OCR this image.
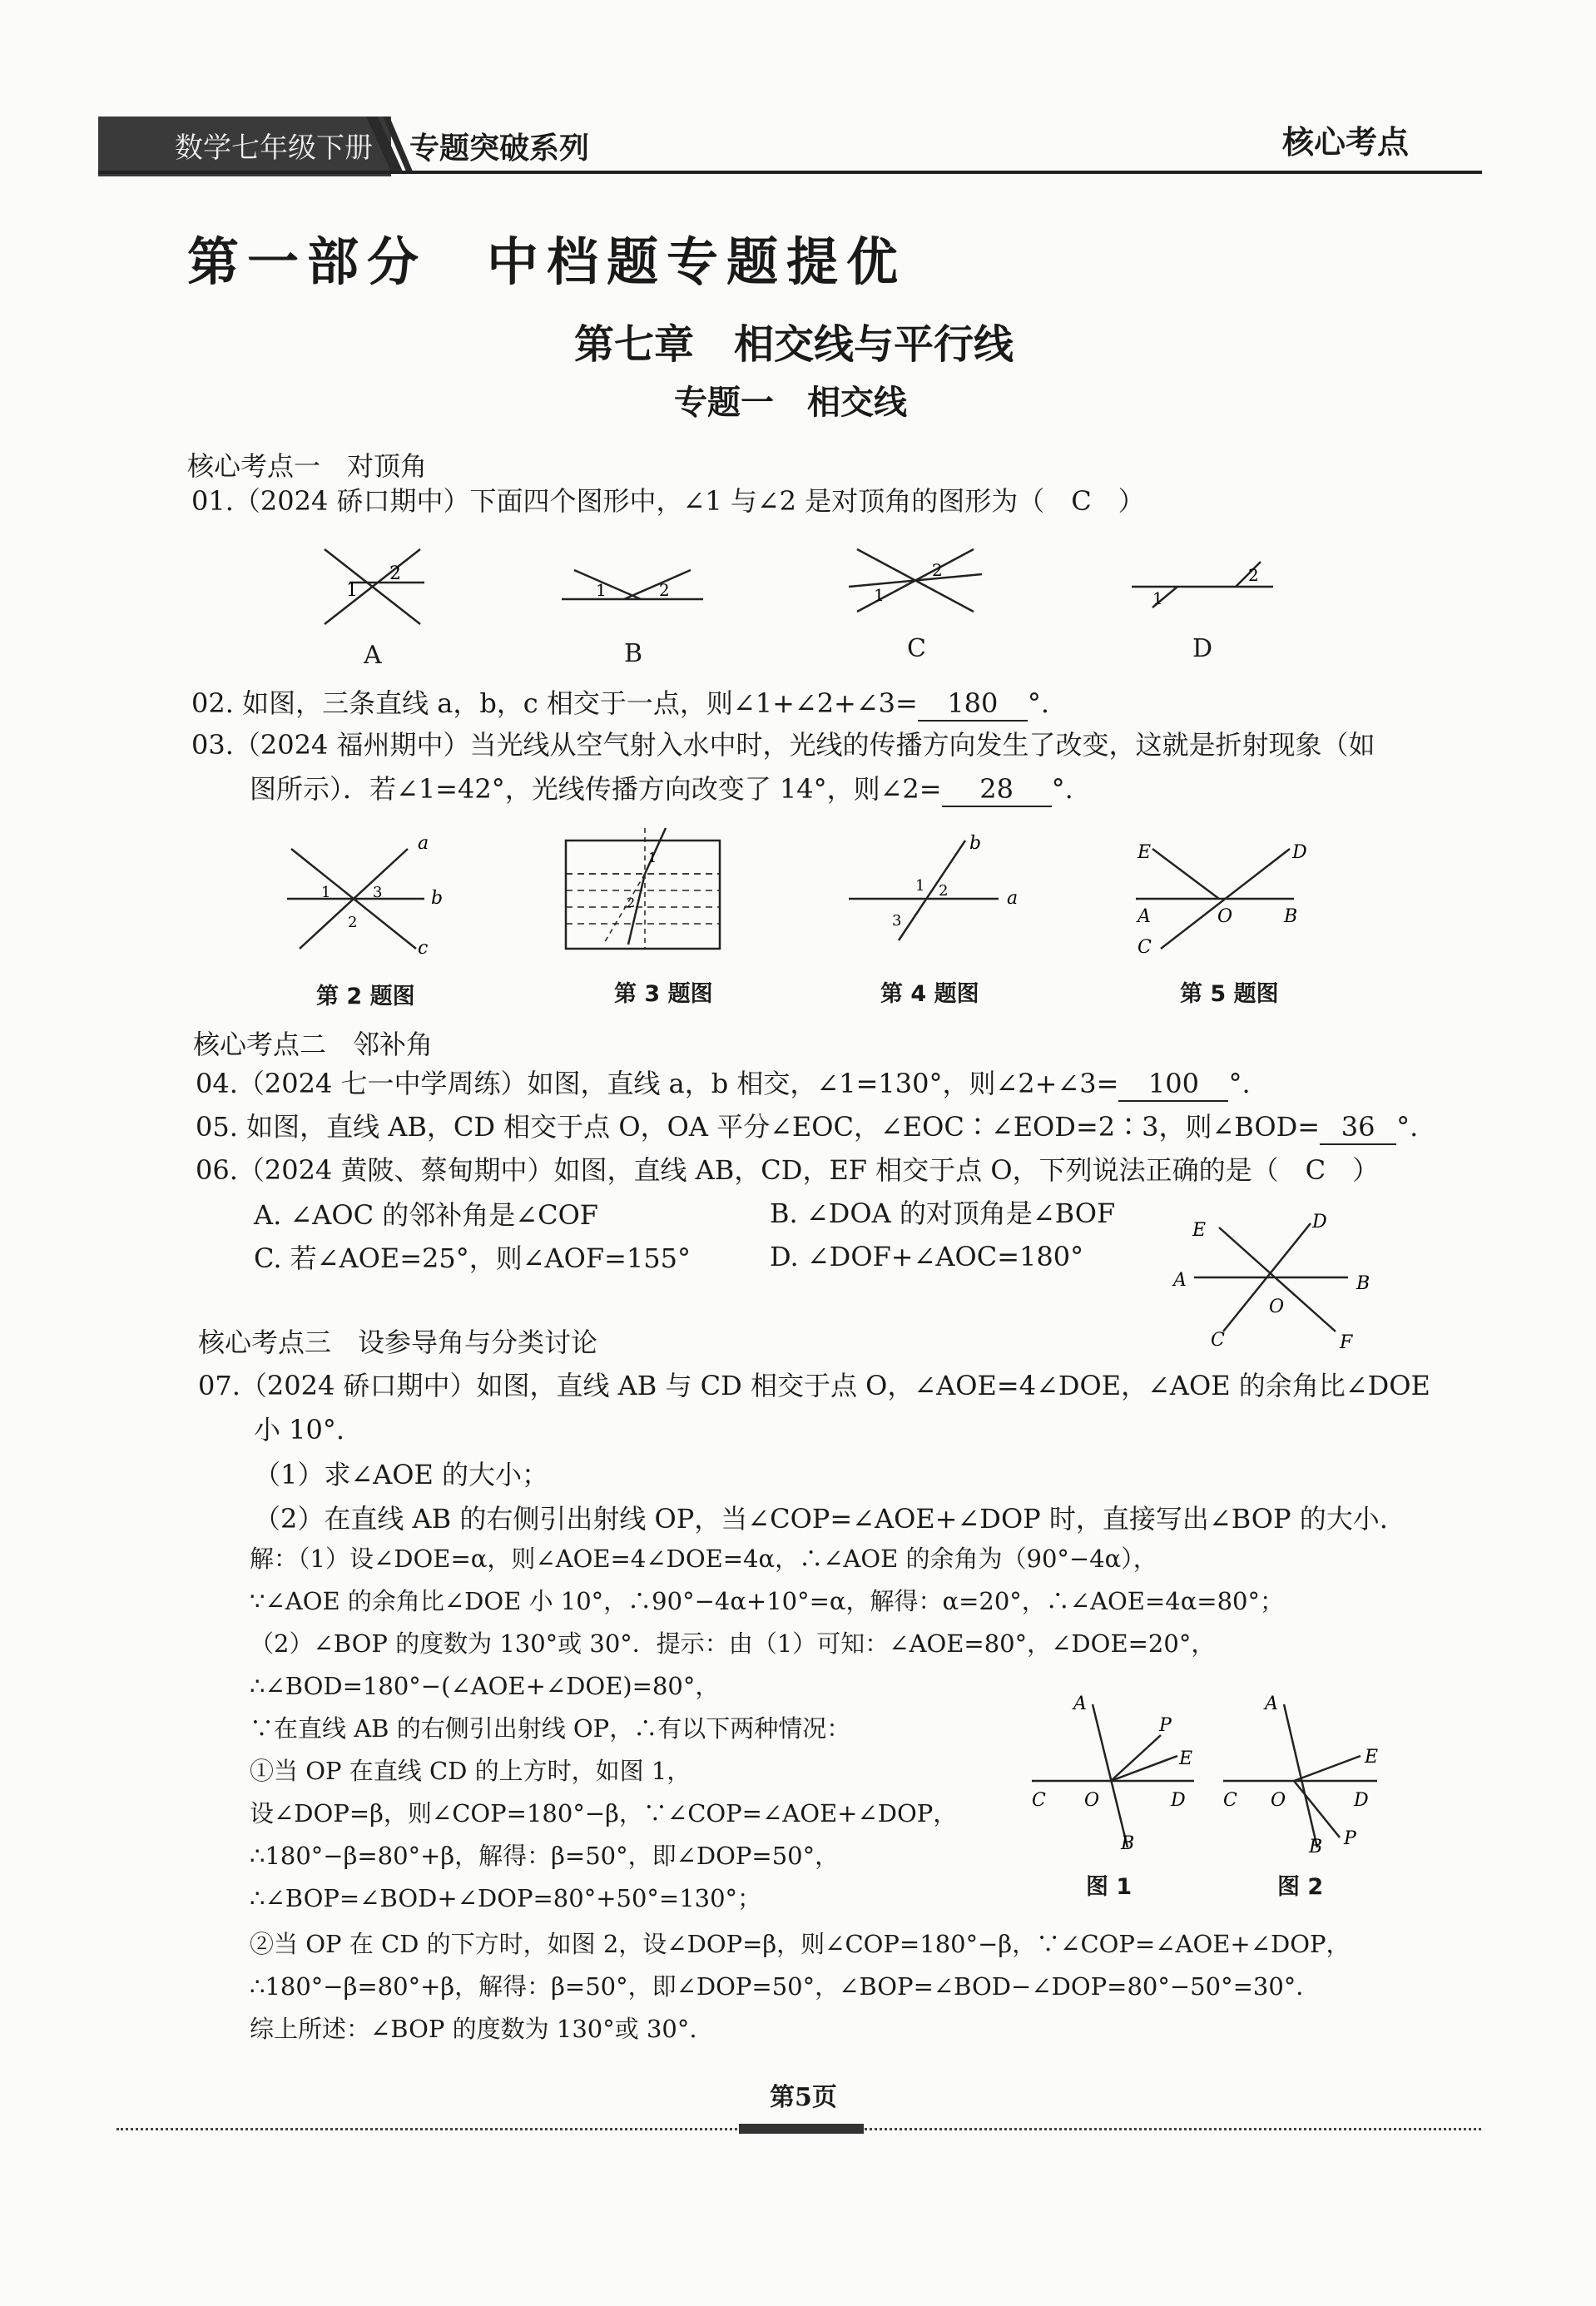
数学七年级下册 专题突破系列	核心考点
第一部分　中档题专题提优
第七章　相交线与平行线
专题一　相交线
核心考点一　对顶角
01.（2024 硚口期中）下面四个图形中，∠1 与∠2 是对顶角的图形为（　C　）
1
2
A
1	2
B
1
2
C
1
2
D
02. 如图，三条直线 a，b，c 相交于一点，则∠1+∠2+∠3= 180 °.
03.（2024 福州期中）当光线从空气射入水中时，光线的传播方向发生了改变，这就是折射现象（如
图所示）．若∠1=42°，光线传播方向改变了 14°，则∠2= 28 °.
a
b
c
1
2
3
1
2	a
b
1 2
3
E	D
A	O	B
C
第 2 题图	第 3 题图	第 4 题图	第 5 题图
核心考点二　邻补角
04.（2024 七一中学周练）如图，直线 a，b 相交，∠1=130°，则∠2+∠3= 100 °.
05. 如图，直线 AB，CD 相交于点 O，OA 平分∠EOC，∠EOC∶∠EOD=2∶3，则∠BOD= 36 °.
06.（2024 黄陂、蔡甸期中）如图，直线 AB，CD，EF 相交于点 O，下列说法正确的是（　C　）
A. ∠AOC 的邻补角是∠COF	B. ∠DOA 的对顶角是∠BOF
C. 若∠AOE=25°，则∠AOF=155°	D. ∠DOF+∠AOC=180°
E	D
A	B
O
C	F
核心考点三　设参导角与分类讨论
07.（2024 硚口期中）如图，直线 AB 与 CD 相交于点 O，∠AOE=4∠DOE，∠AOE 的余角比∠DOE
小 10°.
（1）求∠AOE 的大小；
（2）在直线 AB 的右侧引出射线 OP，当∠COP=∠AOE+∠DOP 时，直接写出∠BOP 的大小.
解：（1）设∠DOE=α，则∠AOE=4∠DOE=4α，∴∠AOE 的余角为（90°−4α），
∵∠AOE 的余角比∠DOE 小 10°，∴90°−4α+10°=α，解得：α=20°，∴∠AOE=4α=80°；
（2）∠BOP 的度数为 130°或 30°．提示：由（1）可知：∠AOE=80°，∠DOE=20°，
∴∠BOD=180°−(∠AOE+∠DOE)=80°，
∵在直线 AB 的右侧引出射线 OP，∴有以下两种情况：
①当 OP 在直线 CD 的上方时，如图 1，
设∠DOP=β，则∠COP=180°−β，∵∠COP=∠AOE+∠DOP，
∴180°−β=80°+β，解得：β=50°，即∠DOP=50°，
∴∠BOP=∠BOD+∠DOP=80°+50°=130°；
②当 OP 在 CD 的下方时，如图 2，设∠DOP=β，则∠COP=180°−β，∵∠COP=∠AOE+∠DOP，
∴180°−β=80°+β，解得：β=50°，即∠DOP=50°，∠BOP=∠BOD−∠DOP=80°−50°=30°．
综上所述：∠BOP 的度数为 130°或 30°.
A
P
E
C O	D
B
图 1
A
E
C O	D
B P
图 2
第5页
